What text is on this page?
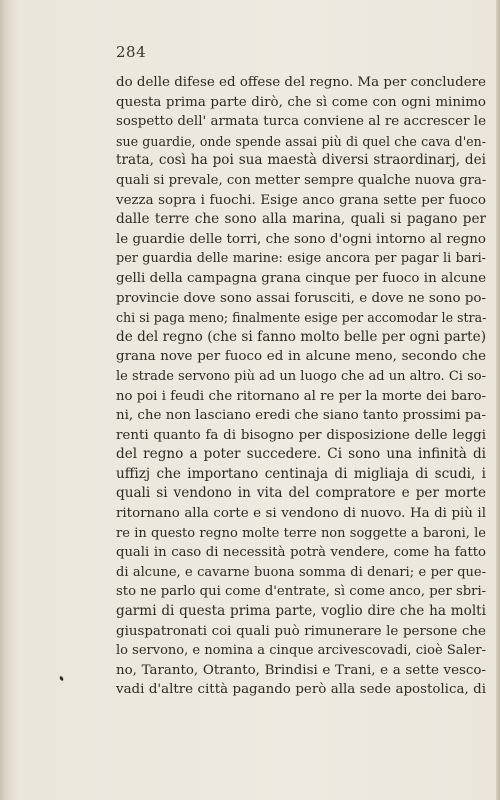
284
do delle difese ed offese del regno. Ma per concludere
questa prima parte dirò, che sì come con ogni minimo
sospetto dell' armata turca conviene al re accrescer le
sue guardie, onde spende assai più di quel che cava d'en-
trata, così ha poi sua maestà diversi straordinarj, dei
quali si prevale, con metter sempre qualche nuova gra-
vezza sopra i fuochi. Esige anco grana sette per fuoco
dalle terre che sono alla marina, quali si pagano per
le guardie delle torri, che sono d'ogni intorno al regno
per guardia delle marine: esige ancora per pagar li bari-
gelli della campagna grana cinque per fuoco in alcune
provincie dove sono assai forusciti, e dove ne sono po-
chi si paga meno; finalmente esige per accomodar le stra-
de del regno (che si fanno molto belle per ogni parte)
grana nove per fuoco ed in alcune meno, secondo che
le strade servono più ad un luogo che ad un altro. Ci so-
no poi i feudi che ritornano al re per la morte dei baro-
ni, che non lasciano eredi che siano tanto prossimi pa-
renti quanto fa di bisogno per disposizione delle leggi
del regno a poter succedere. Ci sono una infinità di
uffizj che importano centinaja di migliaja di scudi, i
quali si vendono in vita del compratore e per morte
ritornano alla corte e si vendono di nuovo. Ha di più il
re in questo regno molte terre non soggette a baroni, le
quali in caso di necessità potrà vendere, come ha fatto
di alcune, e cavarne buona somma di denari; e per que-
sto ne parlo qui come d'entrate, sì come anco, per sbri-
garmi di questa prima parte, voglio dire che ha molti
giuspatronati coi quali può rimunerare le persone che
lo servono, e nomina a cinque arcivescovadi, cioè Saler-
no, Taranto, Otranto, Brindisi e Trani, e a sette vesco-
vadi d'altre città pagando però alla sede apostolica, di
